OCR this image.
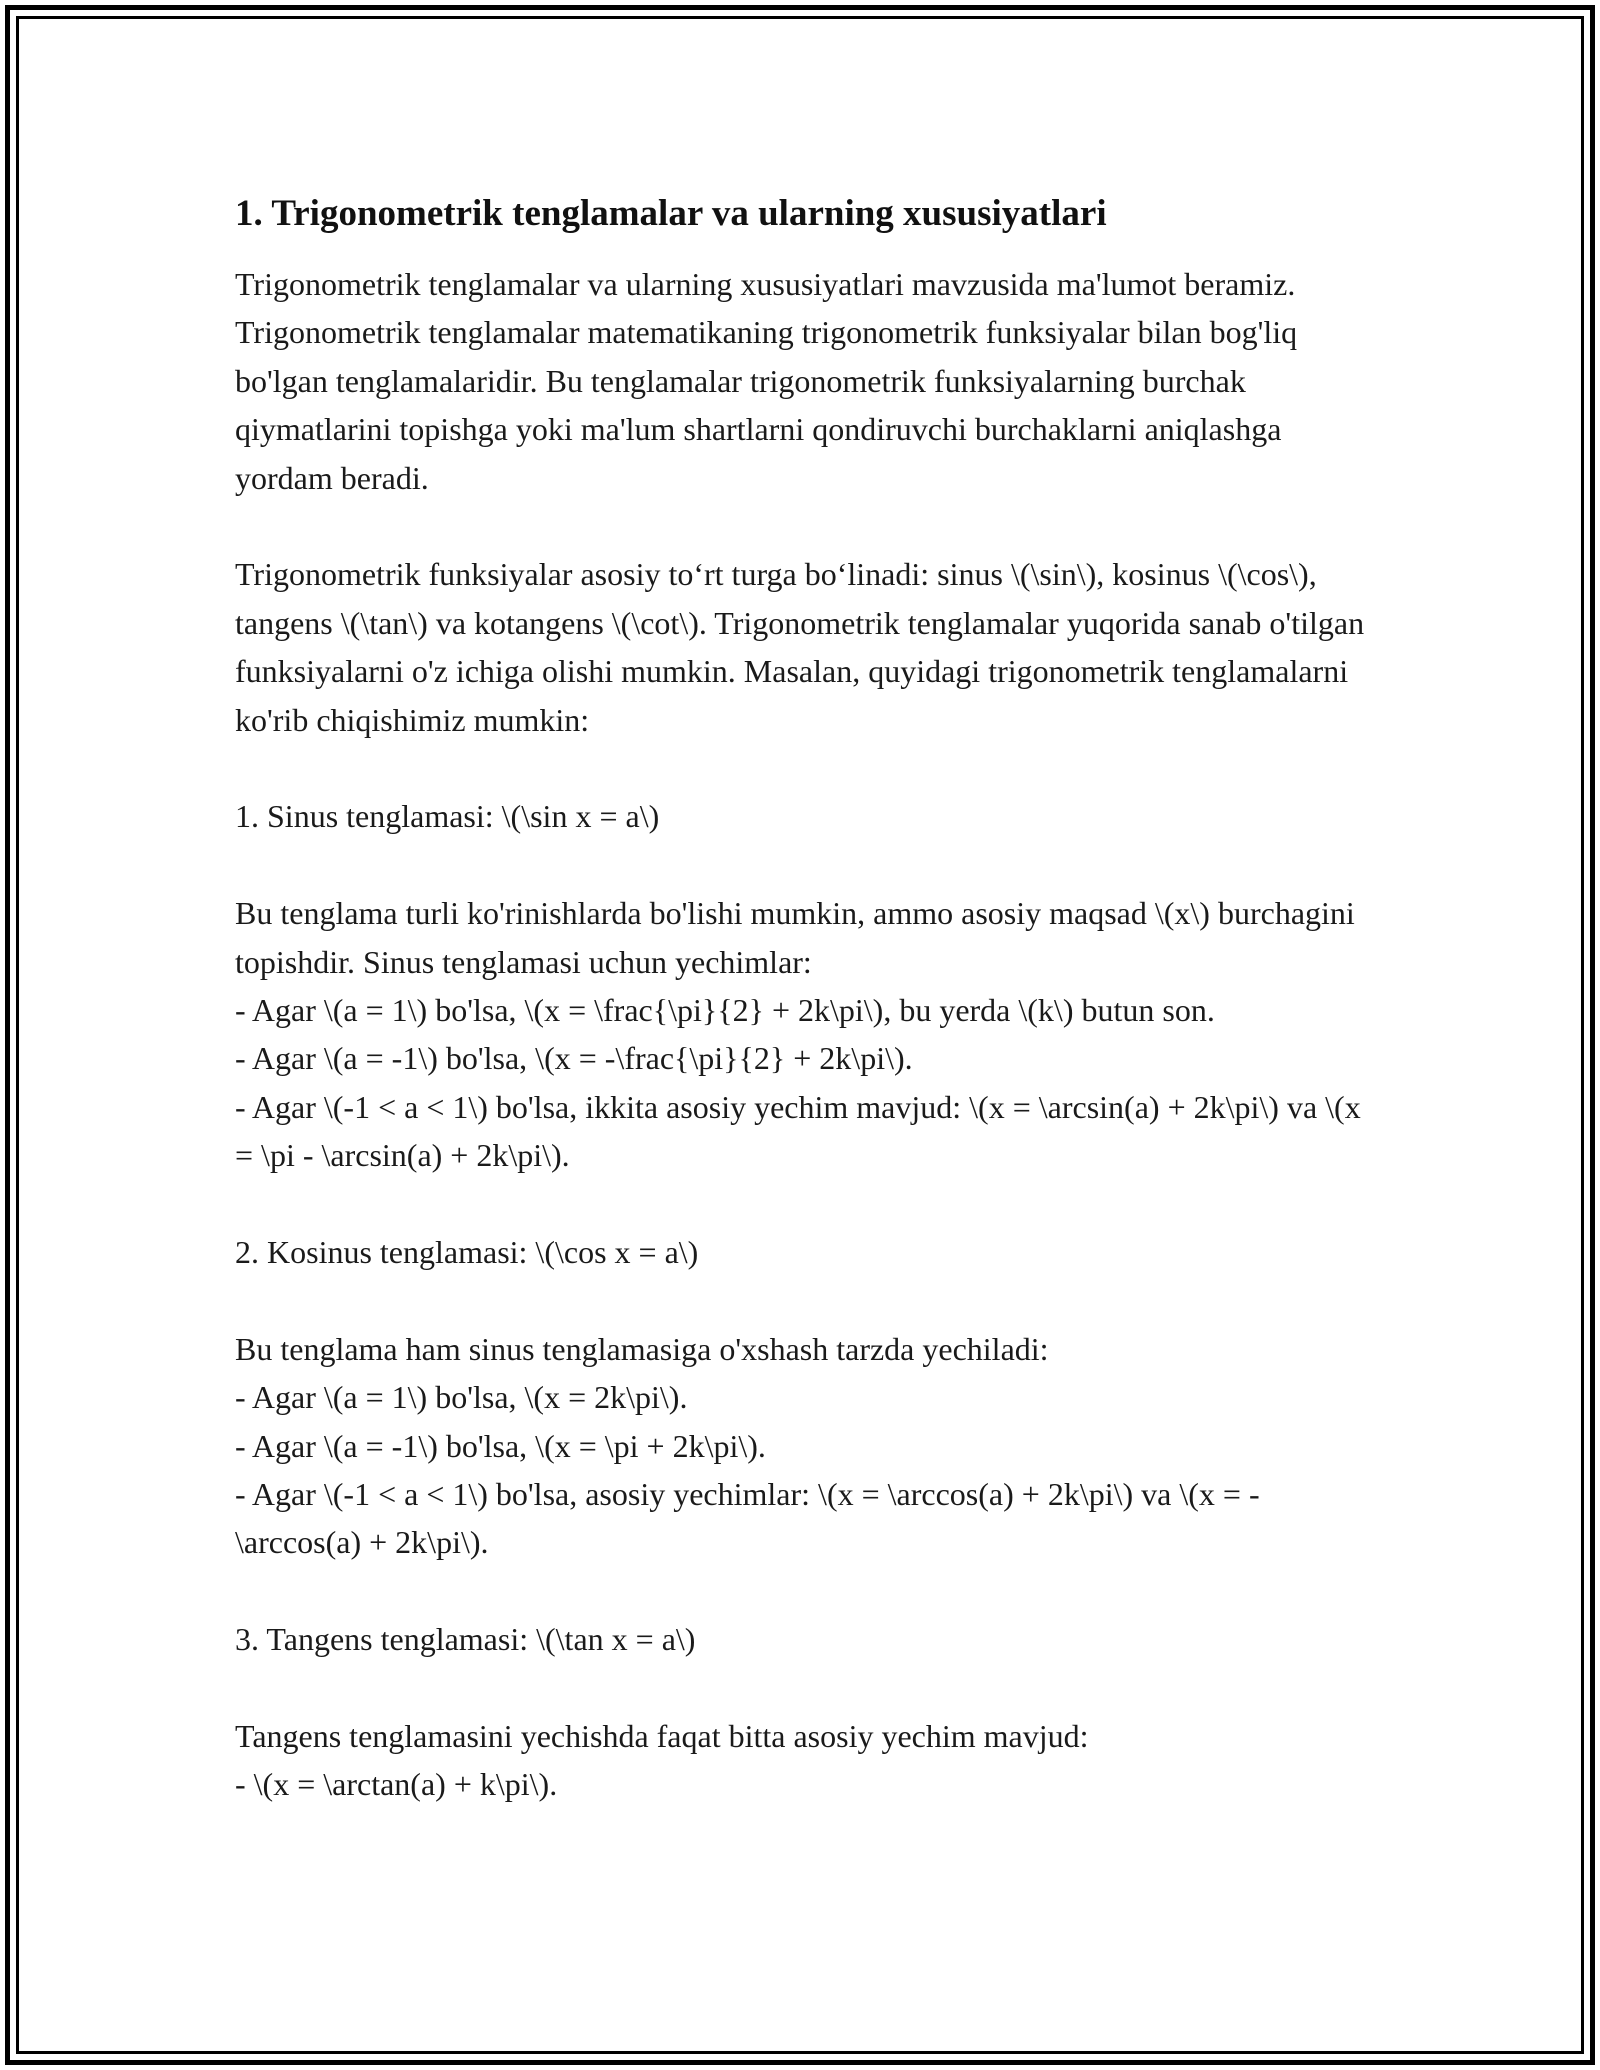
1. Trigonometrik tenglamalar va ularning xususiyatlari

Trigonometrik tenglamalar va ularning xususiyatlari mavzusida ma'lumot beramiz. Trigonometrik tenglamalar matematikaning trigonometrik funksiyalar bilan bog'liq bo'lgan tenglamalaridir. Bu tenglamalar trigonometrik funksiyalarning burchak qiymatlarini topishga yoki ma'lum shartlarni qondiruvchi burchaklarni aniqlashga yordam beradi.

Trigonometrik funksiyalar asosiy to‘rt turga bo‘linadi: sinus \(\sin\), kosinus \(\cos\), tangens \(\tan\) va kotangens \(\cot\). Trigonometrik tenglamalar yuqorida sanab o'tilgan funksiyalarni o'z ichiga olishi mumkin. Masalan, quyidagi trigonometrik tenglamalarni ko'rib chiqishimiz mumkin:

1. Sinus tenglamasi: \(\sin x = a\)

Bu tenglama turli ko'rinishlarda bo'lishi mumkin, ammo asosiy maqsad \(x\) burchagini topishdir. Sinus tenglamasi uchun yechimlar:

- Agar \(a = 1\) bo'lsa, \(x = \frac{\pi}{2} + 2k\pi\), bu yerda \(k\) butun son.

- Agar \(a = -1\) bo'lsa, \(x = -\frac{\pi}{2} + 2k\pi\).

- Agar \(-1 < a < 1\) bo'lsa, ikkita asosiy yechim mavjud: \(x = \arcsin(a) + 2k\pi\) va \(x = \pi - \arcsin(a) + 2k\pi\).

2. Kosinus tenglamasi: \(\cos x = a\)

Bu tenglama ham sinus tenglamasiga o'xshash tarzda yechiladi:

- Agar \(a = 1\) bo'lsa, \(x = 2k\pi\).

- Agar \(a = -1\) bo'lsa, \(x = \pi + 2k\pi\).

- Agar \(-1 < a < 1\) bo'lsa, asosiy yechimlar: \(x = \arccos(a) + 2k\pi\) va \(x = -\arccos(a) + 2k\pi\).

3. Tangens tenglamasi: \(\tan x = a\)

Tangens tenglamasini yechishda faqat bitta asosiy yechim mavjud:

- \(x = \arctan(a) + k\pi\).
